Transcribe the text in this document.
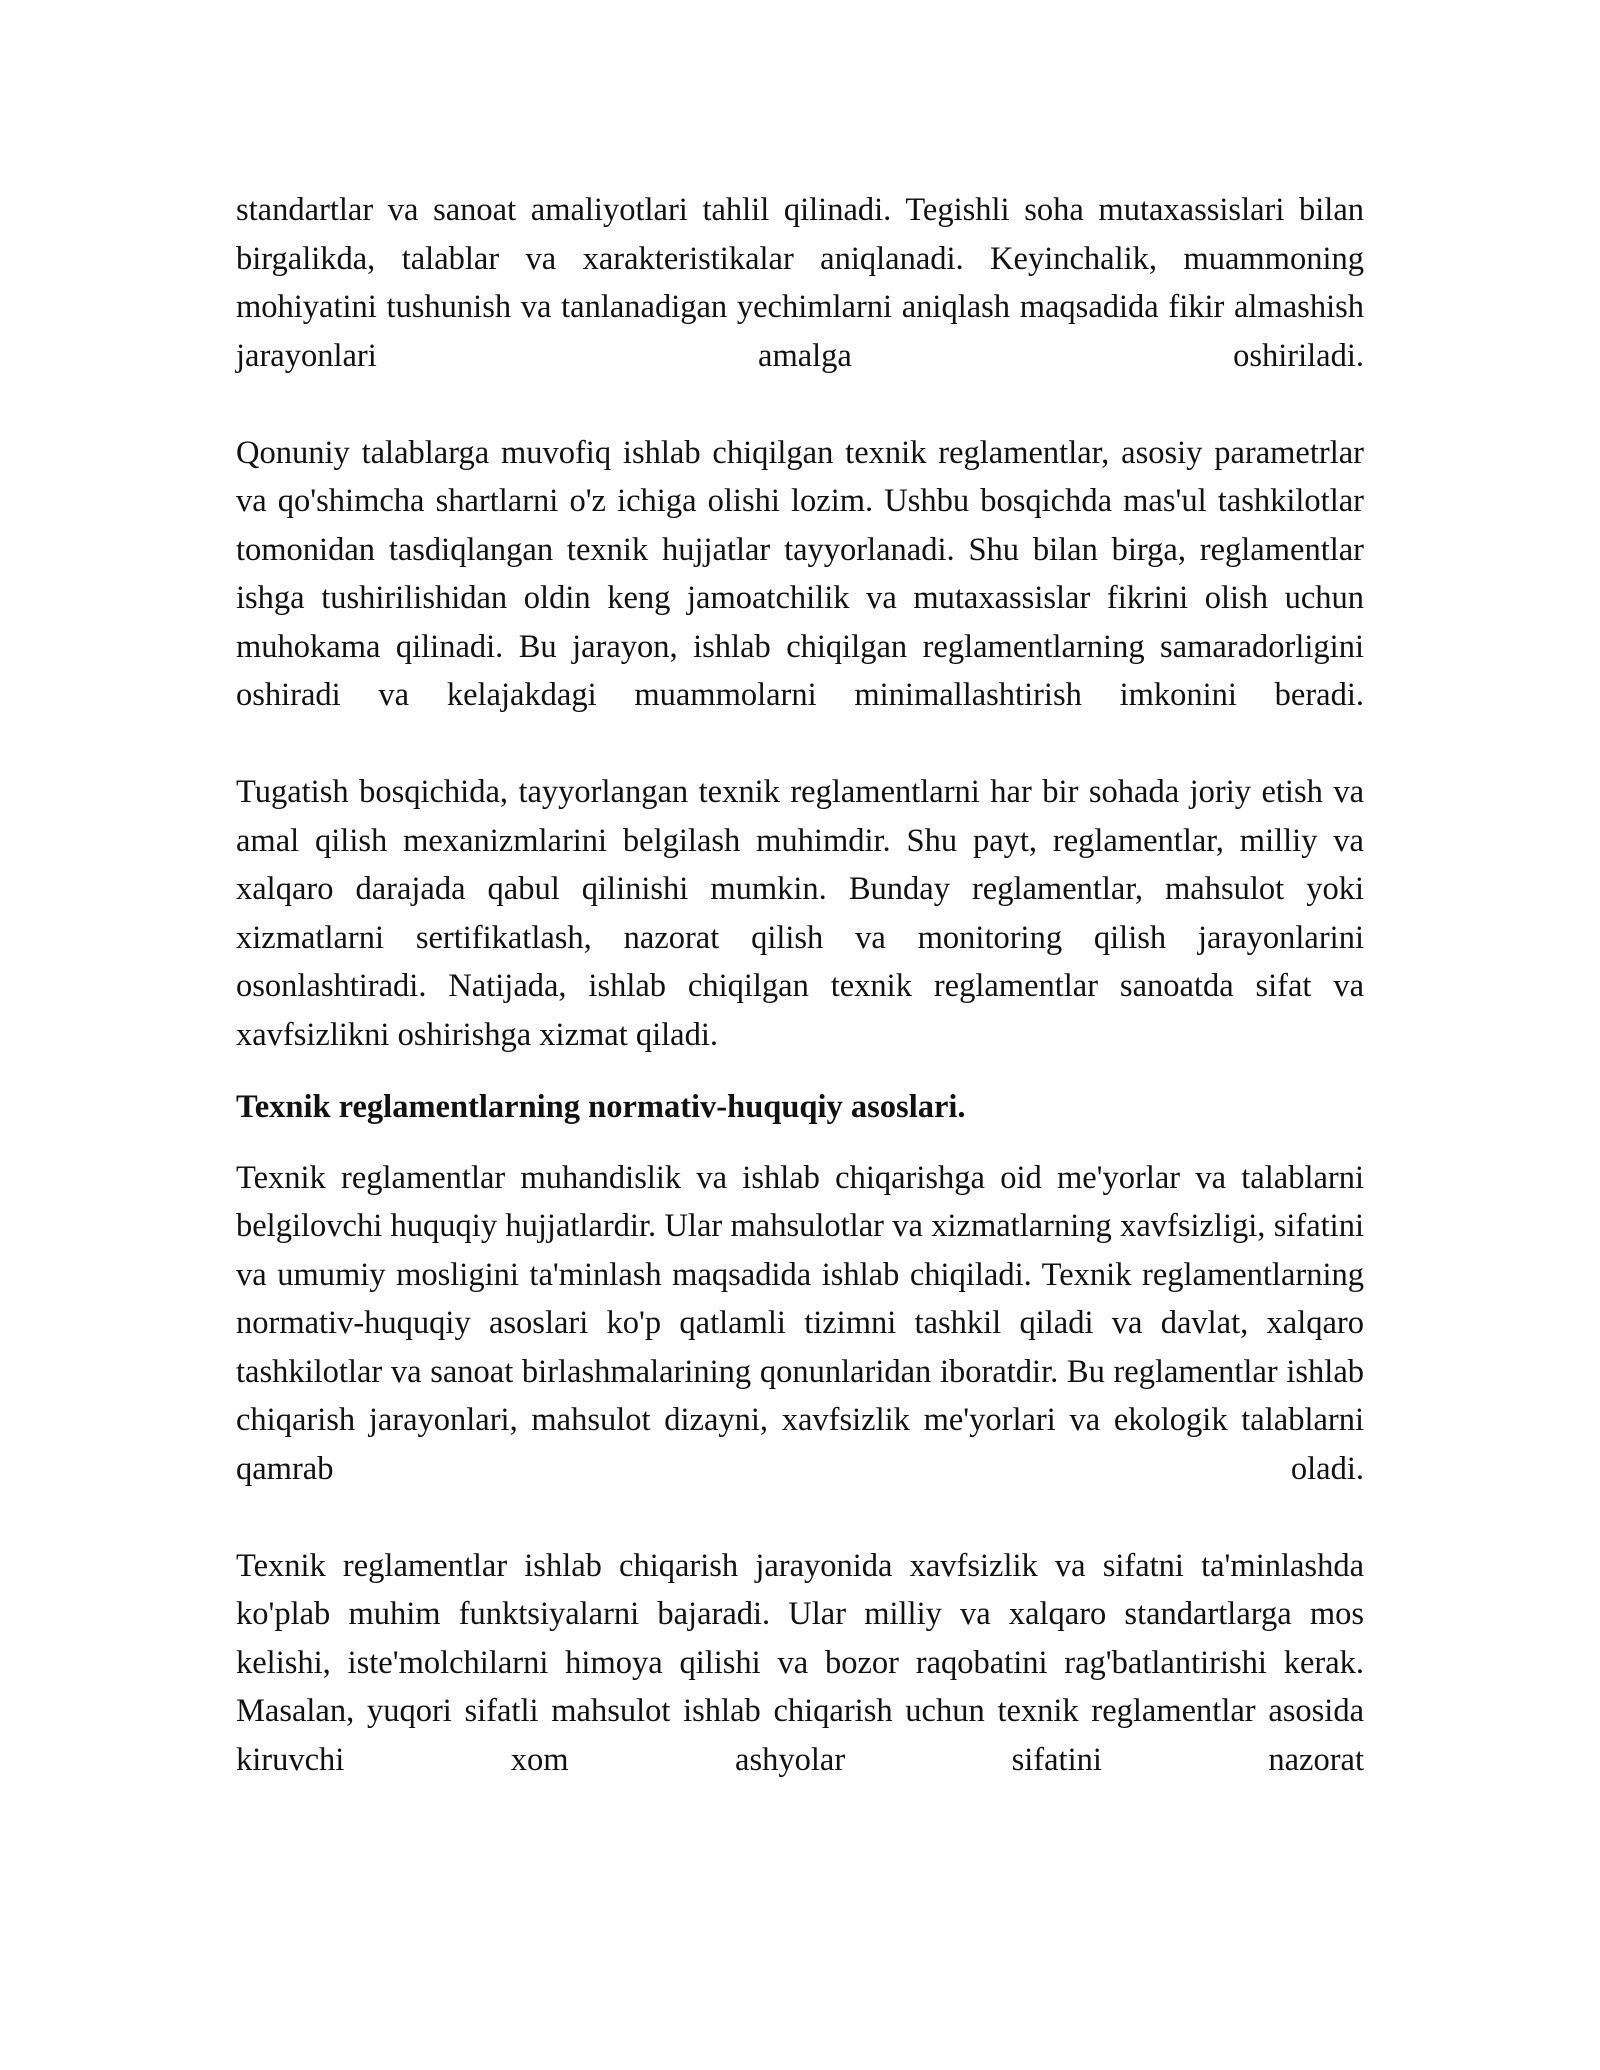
standartlar va sanoat amaliyotlari tahlil qilinadi. Tegishli soha mutaxassislari bilan birgalikda, talablar va xarakteristikalar aniqlanadi. Keyinchalik, muammoning mohiyatini tushunish va tanlanadigan yechimlarni aniqlash maqsadida fikir almashish jarayonlari amalga oshiriladi.

Qonuniy talablarga muvofiq ishlab chiqilgan texnik reglamentlar, asosiy parametrlar va qo'shimcha shartlarni o'z ichiga olishi lozim. Ushbu bosqichda mas'ul tashkilotlar tomonidan tasdiqlangan texnik hujjatlar tayyorlanadi. Shu bilan birga, reglamentlar ishga tushirilishidan oldin keng jamoatchilik va mutaxassislar fikrini olish uchun muhokama qilinadi. Bu jarayon, ishlab chiqilgan reglamentlarning samaradorligini oshiradi va kelajakdagi muammolarni minimallashtirish imkonini beradi.

Tugatish bosqichida, tayyorlangan texnik reglamentlarni har bir sohada joriy etish va amal qilish mexanizmlarini belgilash muhimdir. Shu payt, reglamentlar, milliy va xalqaro darajada qabul qilinishi mumkin. Bunday reglamentlar, mahsulot yoki xizmatlarni sertifikatlash, nazorat qilish va monitoring qilish jarayonlarini osonlashtiradi. Natijada, ishlab chiqilgan texnik reglamentlar sanoatda sifat va xavfsizlikni oshirishga xizmat qiladi.

Texnik reglamentlarning normativ-huquqiy asoslari.

Texnik reglamentlar muhandislik va ishlab chiqarishga oid me'yorlar va talablarni belgilovchi huquqiy hujjatlardir. Ular mahsulotlar va xizmatlarning xavfsizligi, sifatini va umumiy mosligini ta'minlash maqsadida ishlab chiqiladi. Texnik reglamentlarning normativ-huquqiy asoslari ko'p qatlamli tizimni tashkil qiladi va davlat, xalqaro tashkilotlar va sanoat birlashmalarining qonunlaridan iboratdir. Bu reglamentlar ishlab chiqarish jarayonlari, mahsulot dizayni, xavfsizlik me'yorlari va ekologik talablarni qamrab oladi.

Texnik reglamentlar ishlab chiqarish jarayonida xavfsizlik va sifatni ta'minlashda ko'plab muhim funktsiyalarni bajaradi. Ular milliy va xalqaro standartlarga mos kelishi, iste'molchilarni himoya qilishi va bozor raqobatini rag'batlantirishi kerak. Masalan, yuqori sifatli mahsulot ishlab chiqarish uchun texnik reglamentlar asosida kiruvchi xom ashyolar sifatini nazorat
